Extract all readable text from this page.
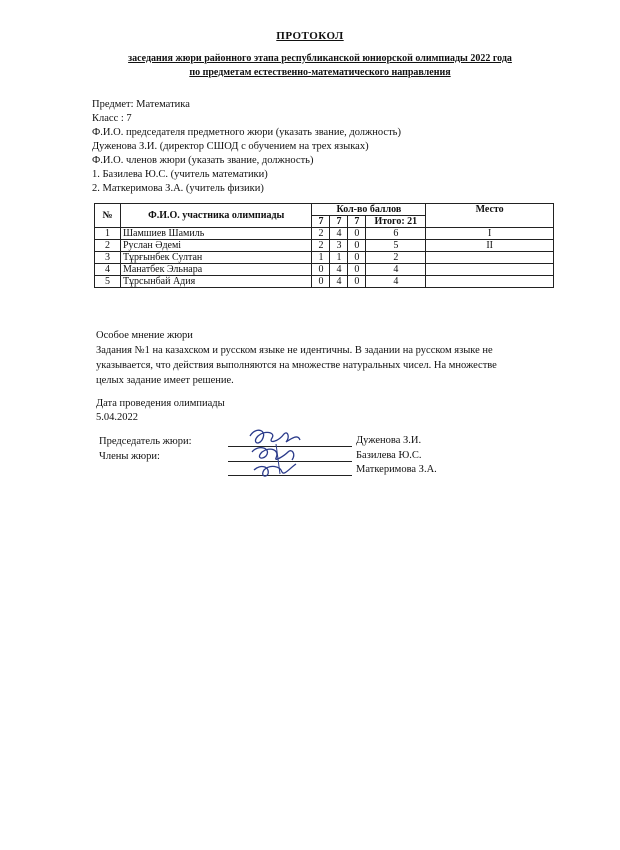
ПРОТОКОЛ
заседания жюри районного этапа республиканской юниорской олимпиады 2022 года
по предметам естественно-математического направления
Предмет: Математика
Класс : 7
Ф.И.О. председателя предметного жюри (указать звание, должность)
Дуженова З.И. (директор СШОД с обучением на трех языках)
Ф.И.О. членов жюри (указать звание, должность)
1. Базилева Ю.С. (учитель математики)
2. Маткеримова З.А. (учитель физики)
№	Ф.И.О. участника олимпиады	Кол-во баллов				Место
		7	7	7	Итого: 21	
1	Шамшиев Шамиль	2	4	0	6	I
2	Руслан Әдемі	2	3	0	5	II
3	Тұрғынбек Султан	1	1	0	2	
4	Манатбек Эльнара	0	4	0	4	
5	Тұрсынбай Адия	0	4	0	4	
Особое мнение жюри
Задания №1 на казахском и русском языке не идентичны. В задании на русском языке не
указывается, что действия выполняются на множестве натуральных чисел. На множестве
целых задание имеет решение.
Дата проведения олимпиады
5.04.2022
Председатель жюри:
Члены жюри:
Дуженова З.И.
Базилева Ю.С.
Маткеримова З.А.
